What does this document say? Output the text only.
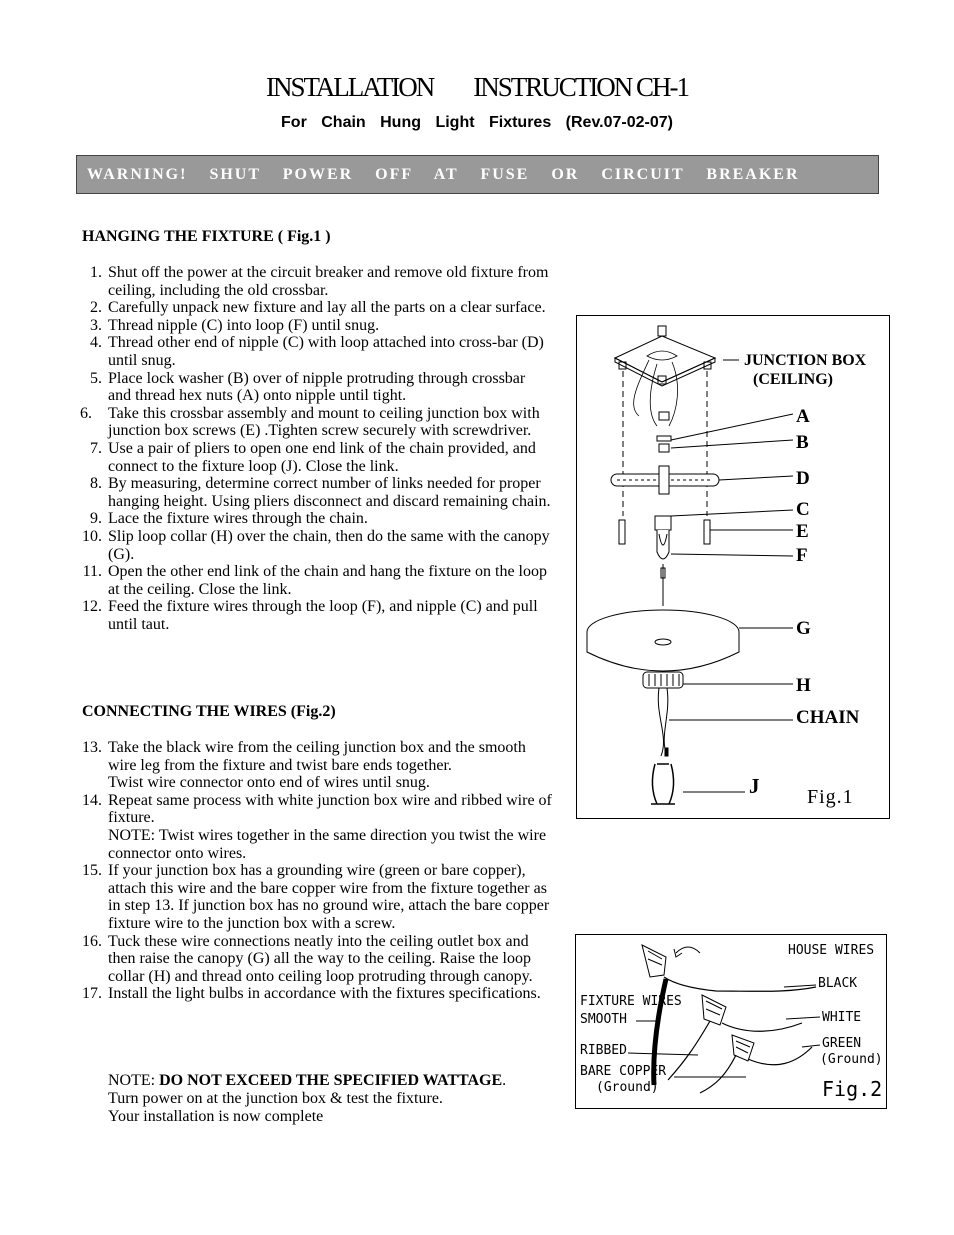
INSTALLATION INSTRUCTION CH-1
For Chain Hung Light Fixtures (Rev.07-02-07)
WARNING! SHUT POWER OFF AT FUSE OR CIRCUIT BREAKER
HANGING THE FIXTURE ( Fig.1 )
1. Shut off the power at the circuit breaker and remove old fixture from ceiling, including the old crossbar.
2. Carefully unpack new fixture and lay all the parts on a clear surface.
3. Thread nipple (C) into loop (F) until snug.
4. Thread other end of nipple (C) with loop attached into cross-bar (D) until snug.
5. Place lock washer (B) over of nipple protruding through crossbar and thread hex nuts (A) onto nipple until tight.
6. Take this crossbar assembly and mount to ceiling junction box with junction box screws (E) .Tighten screw securely with screwdriver.
7. Use a pair of pliers to open one end link of the chain provided, and connect to the fixture loop (J). Close the link.
8. By measuring, determine correct number of links needed for proper hanging height. Using pliers disconnect and discard remaining chain.
9. Lace the fixture wires through the chain.
10. Slip loop collar (H) over the chain, then do the same with the canopy (G).
11. Open the other end link of the chain and hang the fixture on the loop at the ceiling. Close the link.
12. Feed the fixture wires through the loop (F), and nipple (C) and pull until taut.
CONNECTING THE WIRES (Fig.2)
13. Take the black wire from the ceiling junction box and the smooth wire leg from the fixture and twist bare ends together.
Twist wire connector onto end of wires until snug.
14. Repeat same process with white junction box wire and ribbed wire of fixture.
NOTE: Twist wires together in the same direction you twist the wire connector onto wires.
15. If your junction box has a grounding wire (green or bare copper), attach this wire and the bare copper wire from the fixture together as in step 13. If junction box has no ground wire, attach the bare copper fixture wire to the junction box with a screw.
16. Tuck these wire connections neatly into the ceiling outlet box and then raise the canopy (G) all the way to the ceiling. Raise the loop collar (H) and thread onto ceiling loop protruding through canopy.
17. Install the light bulbs in accordance with the fixtures specifications.
NOTE: DO NOT EXCEED THE SPECIFIED WATTAGE.
Turn power on at the junction box & test the fixture.
Your installation is now complete
JUNCTION BOX
(CEILING)
A
B
D
C
E
F
G
H
CHAIN
J Fig.1
HOUSE WIRES
BLACK
WHITE
GREEN
(Ground)
FIXTURE WIRES
SMOOTH
RIBBED
BARE COPPER
(Ground)	Fig.2
